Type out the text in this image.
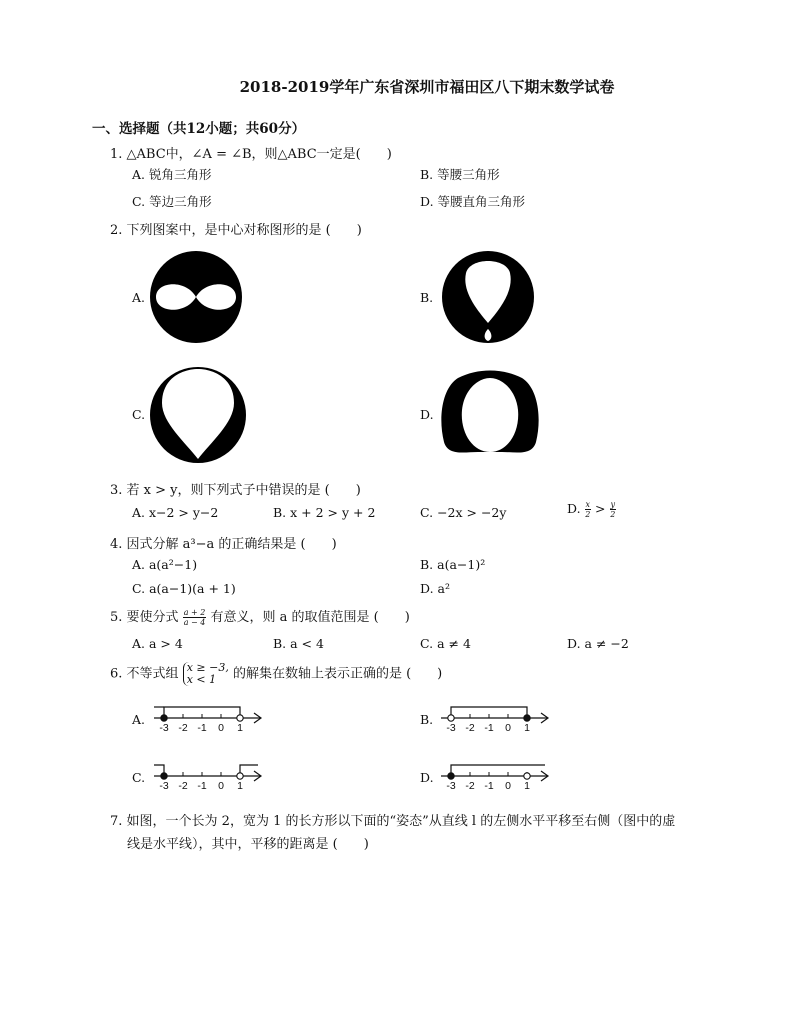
2018-2019学年广东省深圳市福田区八下期末数学试卷
一、选择题（共12小题；共60分）
1. △ABC中，∠A = ∠B，则△ABC一定是(　　)
A. 锐角三角形	B. 等腰三角形
C. 等边三角形	D. 等腰直角三角形
2. 下列图案中，是中心对称图形的是 (　　)
A.	B.
C.	D.
3. 若 x > y，则下列式子中错误的是 (　　)
A. x−2 > y−2	B. x + 2 > y + 2	C. −2x > −2y	D. $\frac{x}{2} > \frac{y}{2}$
4. 因式分解 a³−a 的正确结果是 (　　)
A. a(a²−1)	B. a(a−1)²
C. a(a−1)(a + 1)	D. a²
5. 要使分式 $\frac{a + 2}{a - 4}$ 有意义，则 a 的取值范围是 (　　)
A. a > 4	B. a < 4	C. a ≠ 4	D. a ≠ −2
6. 不等式组 x ≥ −3,
x < 1	的解集在数轴上表示正确的是 (　　)
A.	B.
C.	D.
-3 -2 -1 0 1	-3 -2 -1 0 1
-3 -2 -1 0 1	-3 -2 -1 0 1
7. 如图，一个长为 2，宽为 1 的长方形以下面的“姿态”从直线 l 的左侧水平平移至右侧（图中的虚
线是水平线），其中，平移的距离是 (　　)
